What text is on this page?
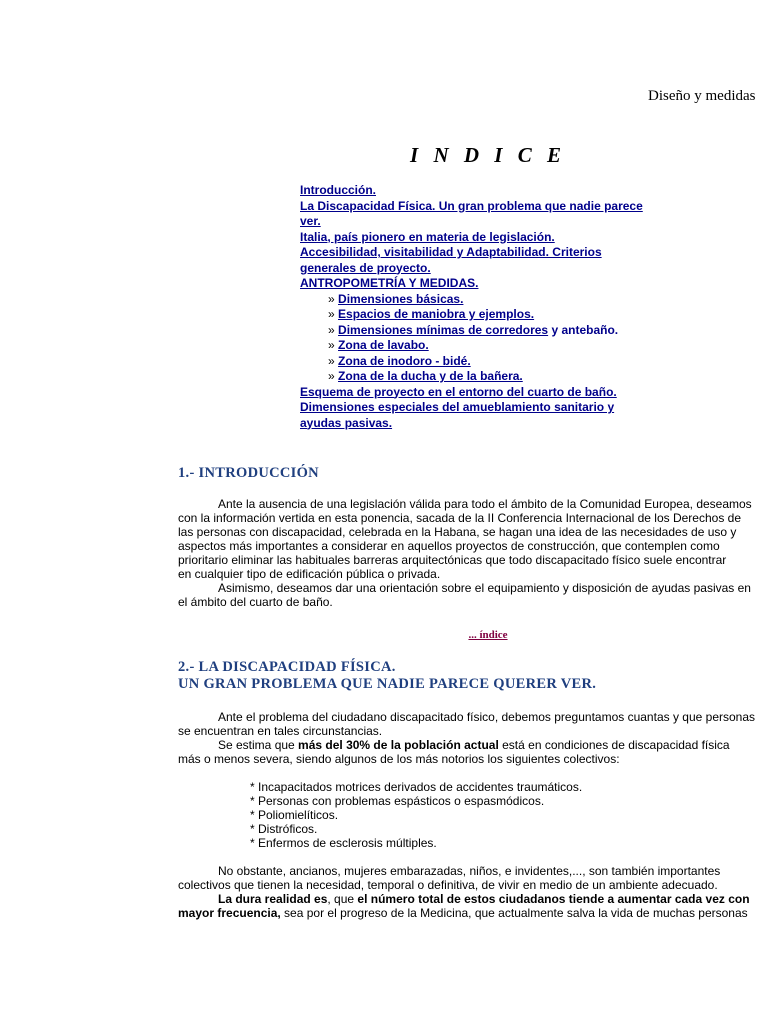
Diseño y medidas
I N D I C E
Introducción.
La Discapacidad Física. Un gran problema que nadie parece
ver.
Italia, país pionero en materia de legislación.
Accesibilidad, visitabilidad y Adaptabilidad. Criterios
generales de proyecto.
ANTROPOMETRÍA Y MEDIDAS.
» Dimensiones básicas.
» Espacios de maniobra y ejemplos.
» Dimensiones mínimas de corredores y antebaño.
» Zona de lavabo.
» Zona de inodoro - bidé.
» Zona de la ducha y de la bañera.
Esquema de proyecto en el entorno del cuarto de baño.
Dimensiones especiales del amueblamiento sanitario y
ayudas pasivas.
1.- INTRODUCCIÓN

Ante la ausencia de una legislación válida para todo el ámbito de la Comunidad Europea, deseamos

con la información vertida en esta ponencia, sacada de la II Conferencia Internacional de los Derechos de

las personas con discapacidad, celebrada en la Habana, se hagan una idea de las necesidades de uso y

aspectos más importantes a considerar en aquellos proyectos de construcción, que contemplen como

prioritario eliminar las habituales barreras arquitectónicas que todo discapacitado físico suele encontrar

en cualquier tipo de edificación pública o privada.

Asimismo, deseamos dar una orientación sobre el equipamiento y disposición de ayudas pasivas en

el ámbito del cuarto de baño.

... índice
2.- LA DISCAPACIDAD FÍSICA.
UN GRAN PROBLEMA QUE NADIE PARECE QUERER VER.

Ante el problema del ciudadano discapacitado físico, debemos preguntamos cuantas y que personas

se encuentran en tales circunstancias.

Se estima que más del 30% de la población actual está en condiciones de discapacidad física

más o menos severa, siendo algunos de los más notorios los siguientes colectivos:

* Incapacitados motrices derivados de accidentes traumáticos.

* Personas con problemas espásticos o espasmódicos.

* Poliomielíticos.

* Distróficos.

* Enfermos de esclerosis múltiples.

No obstante, ancianos, mujeres embarazadas, niños, e invidentes,..., son también importantes

colectivos que tienen la necesidad, temporal o definitiva, de vivir en medio de un ambiente adecuado.

La dura realidad es, que el número total de estos ciudadanos tiende a aumentar cada vez con

mayor frecuencia, sea por el progreso de la Medicina, que actualmente salva la vida de muchas personas
